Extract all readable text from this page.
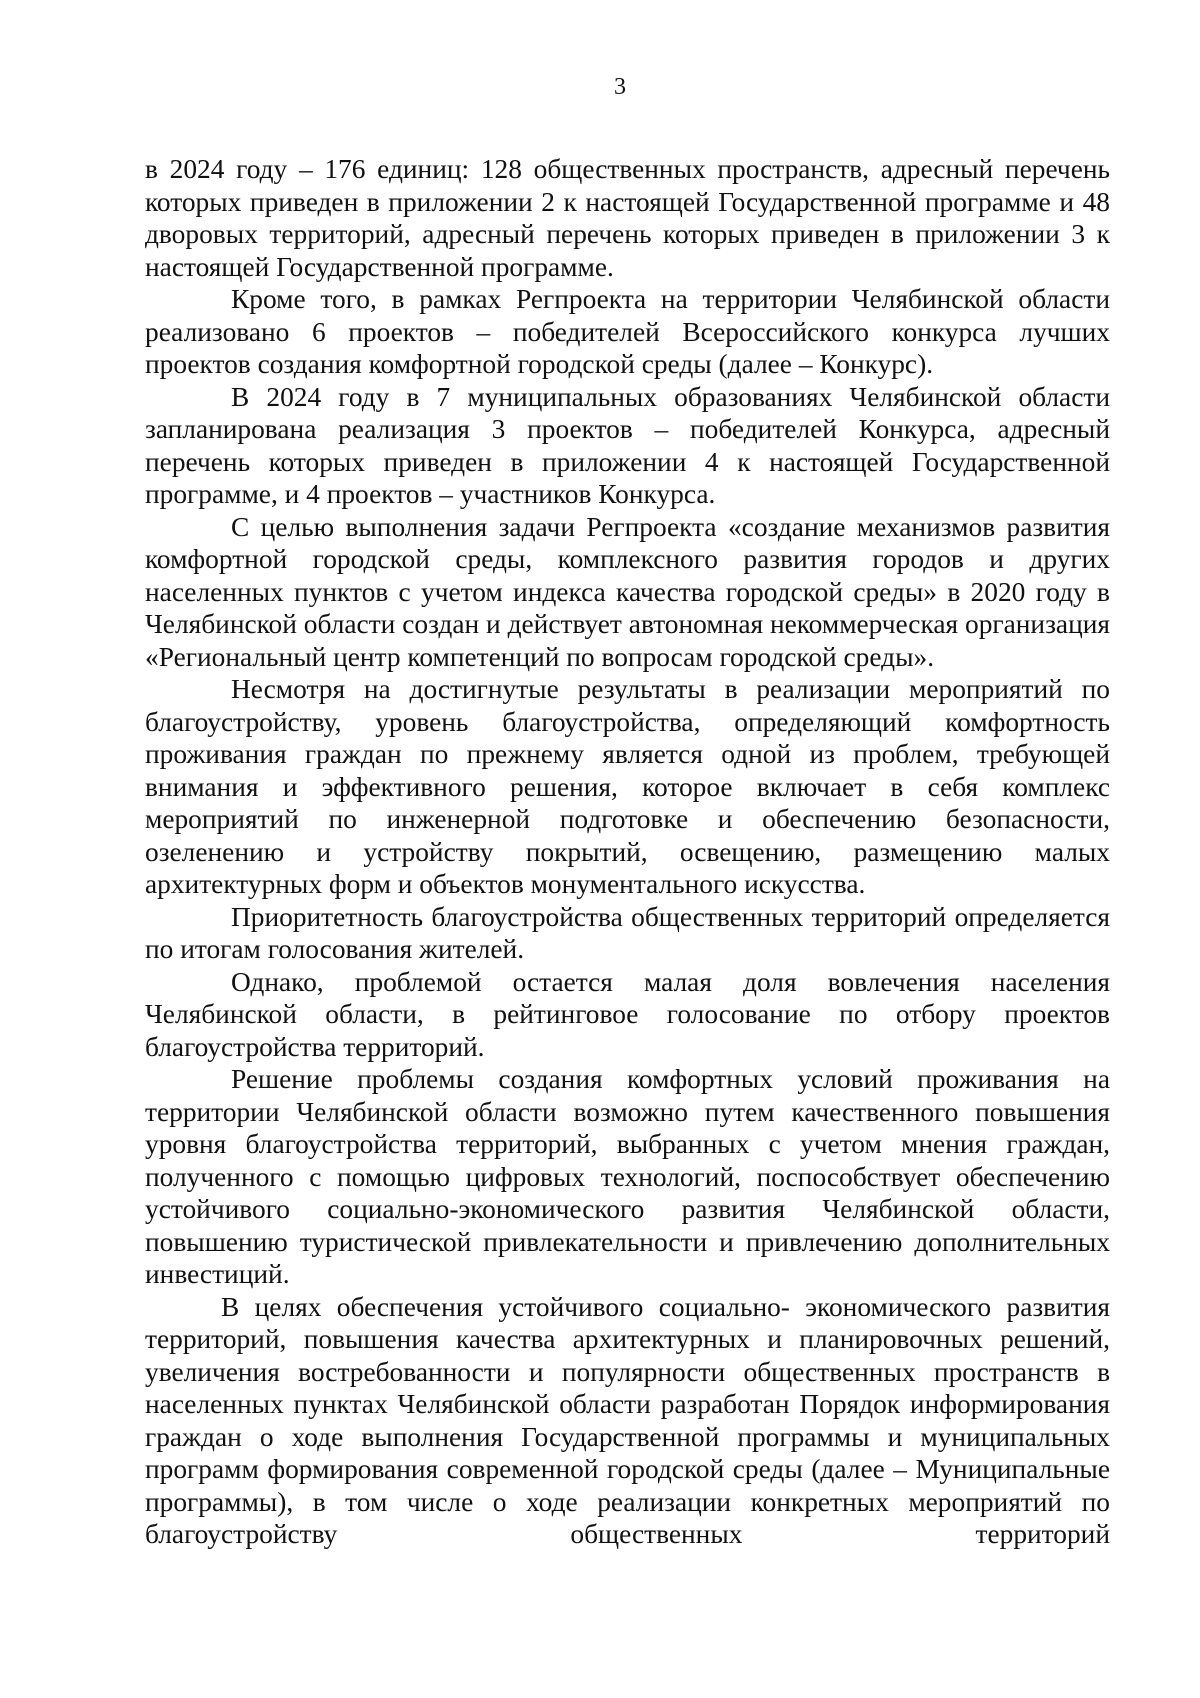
3

в 2024 году – 176 единиц: 128 общественных пространств, адресный перечень которых приведен в приложении 2 к настоящей Государственной программе и 48 дворовых территорий, адресный перечень которых приведен в приложении 3 к настоящей Государственной программе.

Кроме того, в рамках Регпроекта на территории Челябинской области реализовано 6 проектов – победителей Всероссийского конкурса лучших проектов создания комфортной городской среды (далее – Конкурс).

В 2024 году в 7 муниципальных образованиях Челябинской области запланирована реализация 3 проектов – победителей Конкурса, адресный перечень которых приведен в приложении 4 к настоящей Государственной программе, и 4 проектов – участников Конкурса.

С целью выполнения задачи Регпроекта «создание механизмов развития комфортной городской среды, комплексного развития городов и других населенных пунктов с учетом индекса качества городской среды» в 2020 году в Челябинской области создан и действует автономная некоммерческая организация «Региональный центр компетенций по вопросам городской среды».

Несмотря на достигнутые результаты в реализации мероприятий по благоустройству, уровень благоустройства, определяющий комфортность проживания граждан по прежнему является одной из проблем, требующей внимания и эффективного решения, которое включает в себя комплекс мероприятий по инженерной подготовке и обеспечению безопасности, озеленению и устройству покрытий, освещению, размещению малых архитектурных форм и объектов монументального искусства.

Приоритетность благоустройства общественных территорий определяется по итогам голосования жителей.

Однако, проблемой остается малая доля вовлечения населения Челябинской области, в рейтинговое голосование по отбору проектов благоустройства территорий.

Решение проблемы создания комфортных условий проживания на территории Челябинской области возможно путем качественного повышения уровня благоустройства территорий, выбранных с учетом мнения граждан, полученного с помощью цифровых технологий, поспособствует обеспечению устойчивого социально-экономического развития Челябинской области, повышению туристической привлекательности и привлечению дополнительных инвестиций.

В целях обеспечения устойчивого социально- экономического развития территорий, повышения качества архитектурных и планировочных решений, увеличения востребованности и популярности общественных пространств в населенных пунктах Челябинской области разработан Порядок информирования граждан о ходе выполнения Государственной программы и муниципальных программ формирования современной городской среды (далее – Муниципальные программы), в том числе о ходе реализации конкретных мероприятий по благоустройству общественных территорий
